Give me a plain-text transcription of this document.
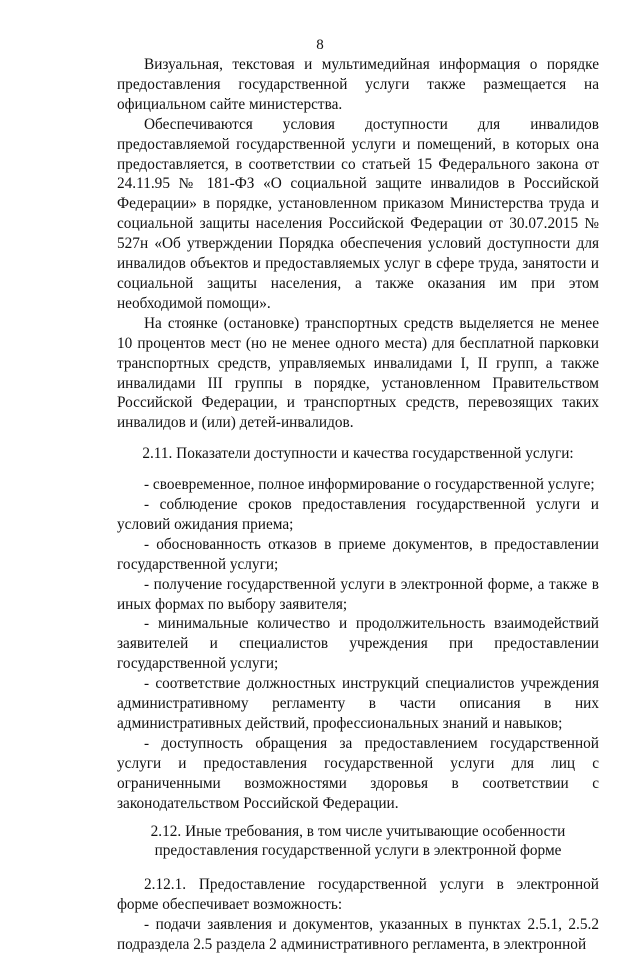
8

Визуальная, текстовая и мультимедийная информация о порядке предоставления государственной услуги также размещается на официальном сайте министерства.

Обеспечиваются условия доступности для инвалидов предоставляемой государственной услуги и помещений, в которых она предоставляется, в соответствии со статьей 15 Федерального закона от 24.11.95 № 181-ФЗ «О социальной защите инвалидов в Российской Федерации» в порядке, установленном приказом Министерства труда и социальной защиты населения Российской Федерации от 30.07.2015 № 527н «Об утверждении Порядка обеспечения условий доступности для инвалидов объектов и предоставляемых услуг в сфере труда, занятости и социальной защиты населения, а также оказания им при этом необходимой помощи».

На стоянке (остановке) транспортных средств выделяется не менее 10 процентов мест (но не менее одного места) для бесплатной парковки транспортных средств, управляемых инвалидами I, II групп, а также инвалидами III группы в порядке, установленном Правительством Российской Федерации, и транспортных средств, перевозящих таких инвалидов и (или) детей-инвалидов.

2.11. Показатели доступности и качества государственной услуги:

- своевременное, полное информирование о государственной услуге;

- соблюдение сроков предоставления государственной услуги и условий ожидания приема;

- обоснованность отказов в приеме документов, в предоставлении государственной услуги;

- получение государственной услуги в электронной форме, а также в иных формах по выбору заявителя;

- минимальные количество и продолжительность взаимодействий заявителей и специалистов учреждения при предоставлении государственной услуги;

- соответствие должностных инструкций специалистов учреждения административному регламенту в части описания в них административных действий, профессиональных знаний и навыков;

- доступность обращения за предоставлением государственной услуги и предоставления государственной услуги для лиц с ограниченными возможностями здоровья в соответствии с законодательством Российской Федерации.

2.12. Иные требования, в том числе учитывающие особенности предоставления государственной услуги в электронной форме

2.12.1. Предоставление государственной услуги в электронной форме обеспечивает возможность:

- подачи заявления и документов, указанных в пунктах 2.5.1, 2.5.2 подраздела 2.5 раздела 2 административного регламента, в электронной
